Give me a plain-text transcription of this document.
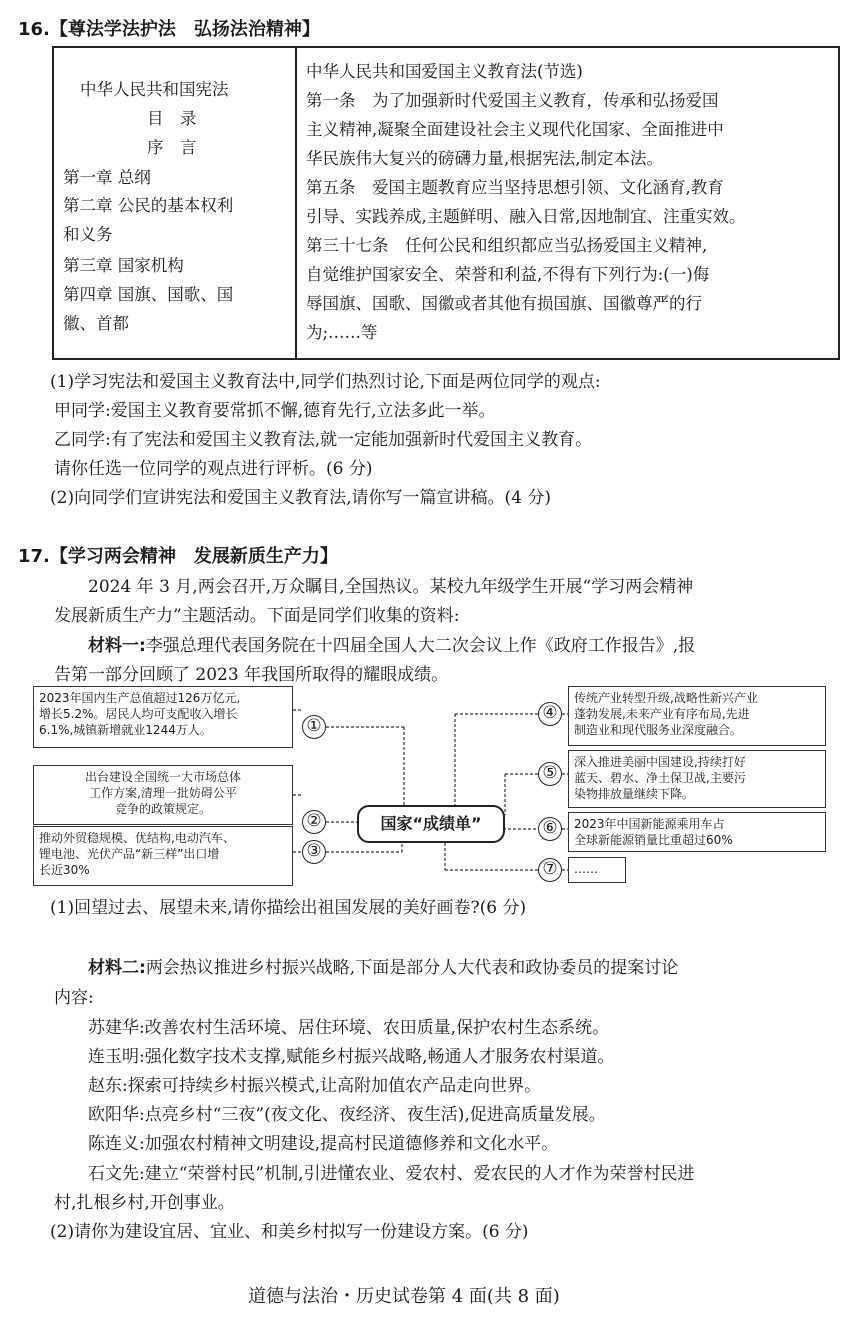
16.【尊法学法护法　弘扬法治精神】
中华人民共和国宪法
目　录
序　言
第一章 总纲
第二章 公民的基本权利
和义务
第三章 国家机构
第四章 国旗、国歌、国
徽、首都
中华人民共和国爱国主义教育法(节选)
第一条　为了加强新时代爱国主义教育，传承和弘扬爱国
主义精神,凝聚全面建设社会主义现代化国家、全面推进中
华民族伟大复兴的磅礴力量,根据宪法,制定本法。
第五条　爱国主题教育应当坚持思想引领、文化涵育,教育
引导、实践养成,主题鲜明、融入日常,因地制宜、注重实效。
第三十七条　任何公民和组织都应当弘扬爱国主义精神,
自觉维护国家安全、荣誉和利益,不得有下列行为:(一)侮
辱国旗、国歌、国徽或者其他有损国旗、国徽尊严的行
为;……等
(1)学习宪法和爱国主义教育法中,同学们热烈讨论,下面是两位同学的观点:
甲同学:爱国主义教育要常抓不懈,德育先行,立法多此一举。
乙同学:有了宪法和爱国主义教育法,就一定能加强新时代爱国主义教育。
请你任选一位同学的观点进行评析。(6 分)
(2)向同学们宣讲宪法和爱国主义教育法,请你写一篇宣讲稿。(4 分)
17.【学习两会精神　发展新质生产力】
2024 年 3 月,两会召开,万众瞩目,全国热议。某校九年级学生开展“学习两会精神
发展新质生产力”主题活动。下面是同学们收集的资料:
材料一:李强总理代表国务院在十四届全国人大二次会议上作《政府工作报告》,报
告第一部分回顾了 2023 年我国所取得的耀眼成绩。
2023年国内生产总值超过126万亿元,
增长5.2%。居民人均可支配收入增长
6.1%,城镇新增就业1244万人。
出台建设全国统一大市场总体
工作方案,清理一批妨碍公平
竞争的政策规定。
推动外贸稳规模、优结构,电动汽车、
锂电池、光伏产品“新三样”出口增
长近30%
①
②
③
国家“成绩单”
④
⑤
⑥
⑦
传统产业转型升级,战略性新兴产业
蓬勃发展,未来产业有序布局,先进
制造业和现代服务业深度融合。
深入推进美丽中国建设,持续打好
蓝天、碧水、净土保卫战,主要污
染物排放量继续下降。
2023年中国新能源乘用车占
全球新能源销量比重超过60%
……
(1)回望过去、展望未来,请你描绘出祖国发展的美好画卷?(6 分)
材料二:两会热议推进乡村振兴战略,下面是部分人大代表和政协委员的提案讨论
内容:
苏建华:改善农村生活环境、居住环境、农田质量,保护农村生态系统。
连玉明:强化数字技术支撑,赋能乡村振兴战略,畅通人才服务农村渠道。
赵东:探索可持续乡村振兴模式,让高附加值农产品走向世界。
欧阳华:点亮乡村“三夜”(夜文化、夜经济、夜生活),促进高质量发展。
陈连义:加强农村精神文明建设,提高村民道德修养和文化水平。
石文先:建立“荣誉村民”机制,引进懂农业、爱农村、爱农民的人才作为荣誉村民进
村,扎根乡村,开创事业。
(2)请你为建设宜居、宜业、和美乡村拟写一份建设方案。(6 分)
道德与法治・历史试卷第 4 面(共 8 面)
